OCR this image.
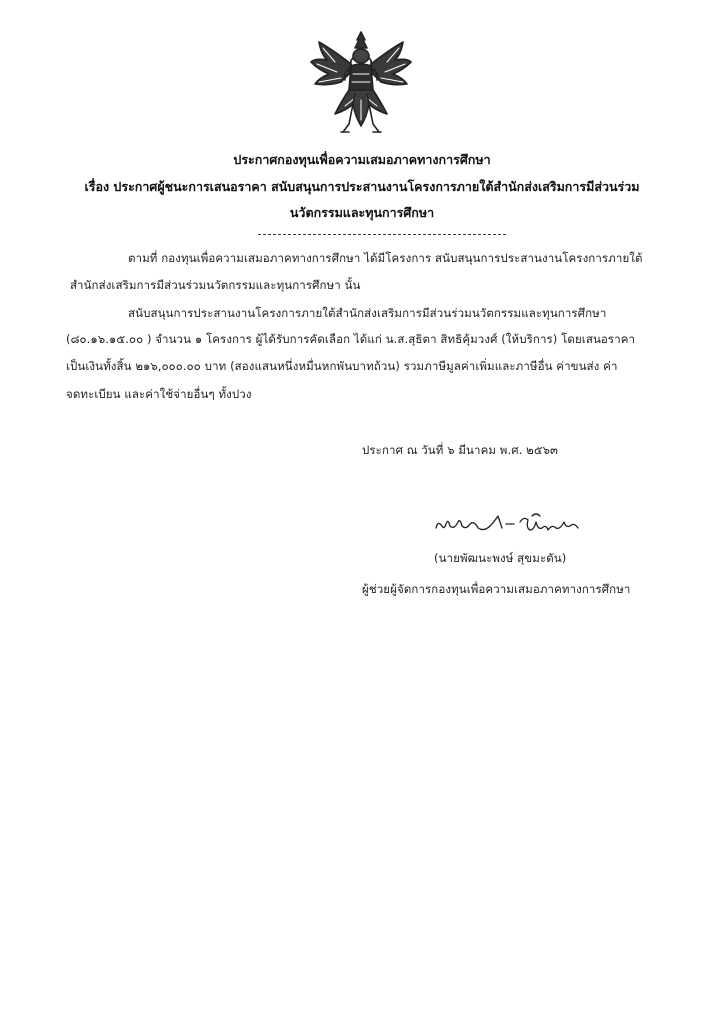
ประกาศกองทุนเพื่อความเสมอภาคทางการศึกษา
เรื่อง ประกาศผู้ชนะการเสนอราคา สนับสนุนการประสานงานโครงการภายใต้สำนักส่งเสริมการมีส่วนร่วม
นวัตกรรมและทุนการศึกษา
ตามที่ กองทุนเพื่อความเสมอภาคทางการศึกษา ได้มีโครงการ สนับสนุนการประสานงานโครงการภายใต้
สำนักส่งเสริมการมีส่วนร่วมนวัตกรรมและทุนการศึกษา นั้น
สนับสนุนการประสานงานโครงการภายใต้สำนักส่งเสริมการมีส่วนร่วมนวัตกรรมและทุนการศึกษา
(๘๐.๑๖.๑๕.๐๐ ) จำนวน ๑ โครงการ ผู้ได้รับการคัดเลือก ได้แก่ น.ส.สุธิตา สิทธิคุ้มวงศ์ (ให้บริการ) โดยเสนอราคา
เป็นเงินทั้งสิ้น ๒๑๖,๐๐๐.๐๐ บาท (สองแสนหนึ่งหมื่นหกพันบาทถ้วน) รวมภาษีมูลค่าเพิ่มและภาษีอื่น ค่าขนส่ง ค่า
จดทะเบียน และค่าใช้จ่ายอื่นๆ ทั้งปวง
ประกาศ ณ วันที่ ๖ มีนาคม พ.ศ. ๒๕๖๓
(นายพัฒนะพงษ์ สุขมะดัน)
ผู้ช่วยผู้จัดการกองทุนเพื่อความเสมอภาคทางการศึกษา
